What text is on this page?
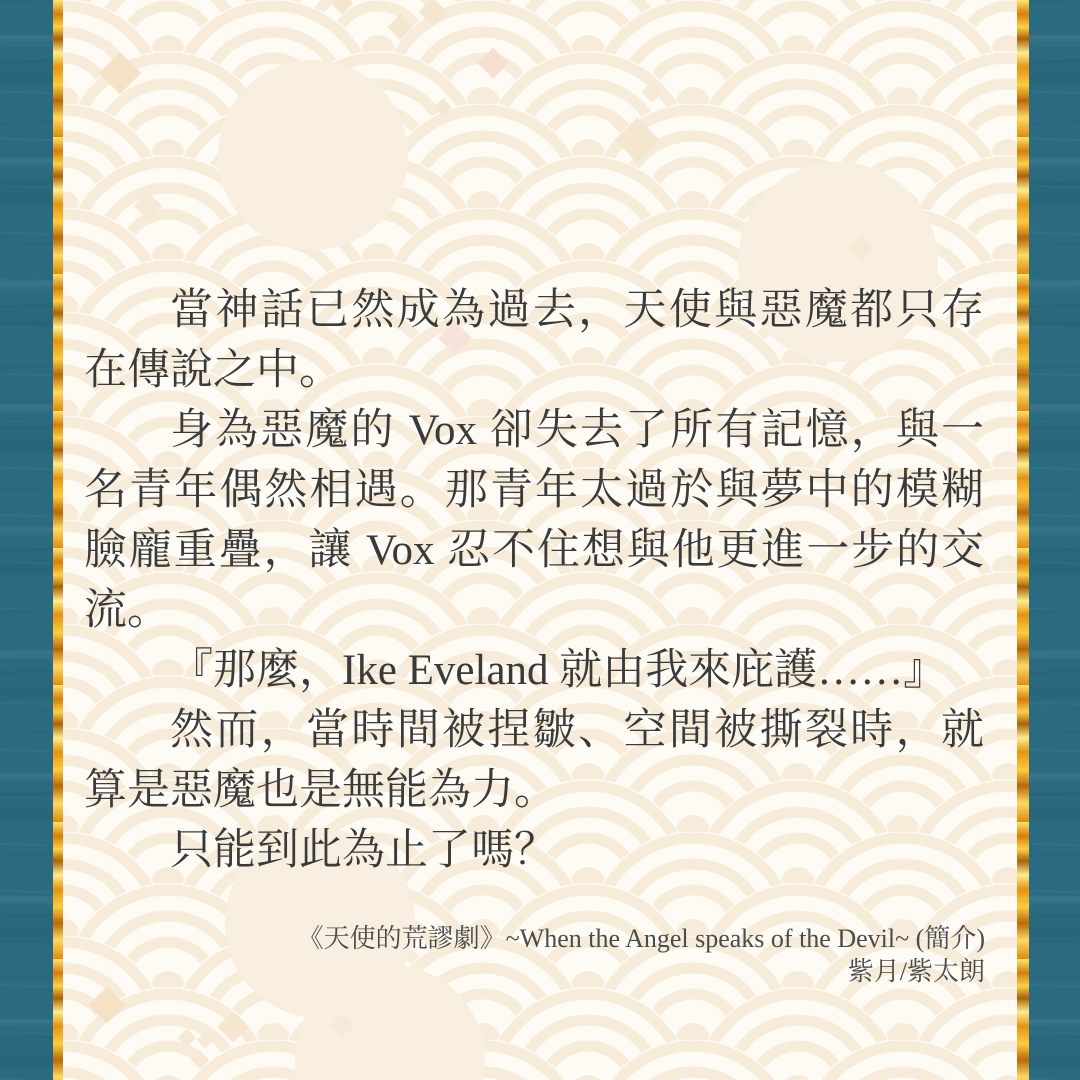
當神話已然成為過去，天使與惡魔都只存在傳說之中。

身為惡魔的 Vox 卻失去了所有記憶，與一名青年偶然相遇。那青年太過於與夢中的模糊臉龐重疊，讓 Vox 忍不住想與他更進一步的交流。

『那麼，Ike Eveland 就由我來庇護……』

然而，當時間被捏皺、空間被撕裂時，就算是惡魔也是無能為力。

只能到此為止了嗎？

《天使的荒謬劇》~When the Angel speaks of the Devil~ (簡介)
紫月/紫太朗
